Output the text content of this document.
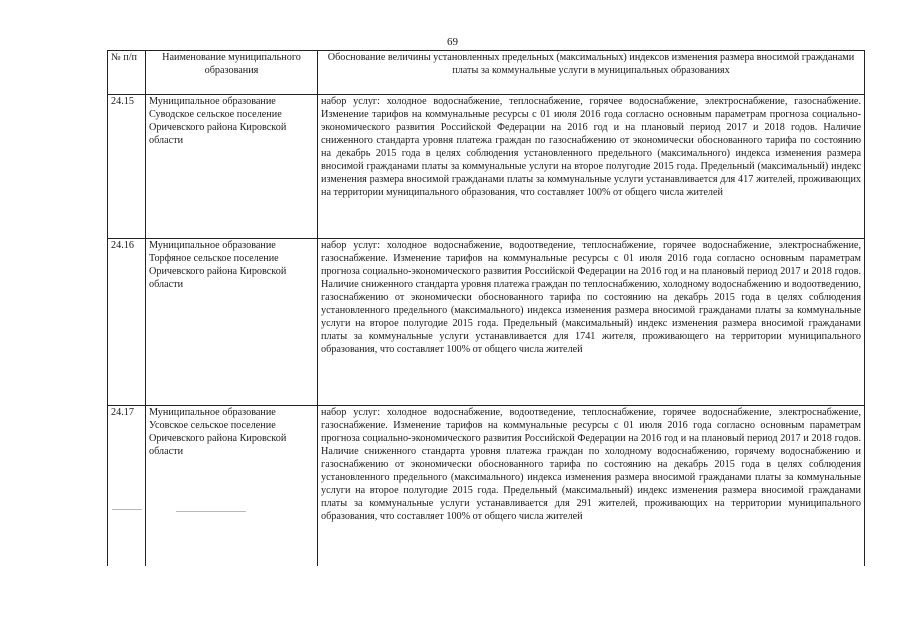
69
№ п/п	Наименование муниципального образования	Обоснование величины установленных предельных (максимальных) индексов изменения размера вносимой гражданами платы за коммунальные услуги в муниципальных образованиях
24.15	Муниципальное образование Суводское сельское поселение Оричевского района Кировской области	набор услуг: холодное водоснабжение, теплоснабжение, горячее водоснабжение, электроснабжение, газоснабжение. Изменение тарифов на коммунальные ресурсы с 01 июля 2016 года согласно основным параметрам прогноза социально-экономического развития Российской Федерации на 2016 год и на плановый период 2017 и 2018 годов. Наличие сниженного стандарта уровня платежа граждан по газоснабжению от экономически обоснованного тарифа по состоянию на декабрь 2015 года в целях соблюдения установленного предельного (максимального) индекса изменения размера вносимой гражданами платы за коммунальные услуги на второе полугодие 2015 года. Предельный (максимальный) индекс изменения размера вносимой гражданами платы за коммунальные услуги устанавливается для 417 жителей, проживающих на территории муниципального образования, что составляет 100% от общего числа жителей
24.16	Муниципальное образование Торфяное сельское поселение Оричевского района Кировской области	набор услуг: холодное водоснабжение, водоотведение, теплоснабжение, горячее водоснабжение, электроснабжение, газоснабжение. Изменение тарифов на коммунальные ресурсы с 01 июля 2016 года согласно основным параметрам прогноза социально-экономического развития Российской Федерации на 2016 год и на плановый период 2017 и 2018 годов. Наличие сниженного стандарта уровня платежа граждан по теплоснабжению, холодному водоснабжению и водоотведению, газоснабжению от экономически обоснованного тарифа по состоянию на декабрь 2015 года в целях соблюдения установленного предельного (максимального) индекса изменения размера вносимой гражданами платы за коммунальные услуги на второе полугодие 2015 года. Предельный (максимальный) индекс изменения размера вносимой гражданами платы за коммунальные услуги устанавливается для 1741 жителя, проживающего на территории муниципального образования, что составляет 100% от общего числа жителей
24.17	Муниципальное образование Усовское сельское поселение Оричевского района Кировской области	набор услуг: холодное водоснабжение, водоотведение, теплоснабжение, горячее водоснабжение, электроснабжение, газоснабжение. Изменение тарифов на коммунальные ресурсы с 01 июля 2016 года согласно основным параметрам прогноза социально-экономического развития Российской Федерации на 2016 год и на плановый период 2017 и 2018 годов. Наличие сниженного стандарта уровня платежа граждан по холодному водоснабжению, горячему водоснабжению и газоснабжению от экономически обоснованного тарифа по состоянию на декабрь 2015 года в целях соблюдения установленного предельного (максимального) индекса изменения размера вносимой гражданами платы за коммунальные услуги на второе полугодие 2015 года. Предельный (максимальный) индекс изменения размера вносимой гражданами платы за коммунальные услуги устанавливается для 291 жителей, проживающих на территории муниципального образования, что составляет 100% от общего числа жителей
